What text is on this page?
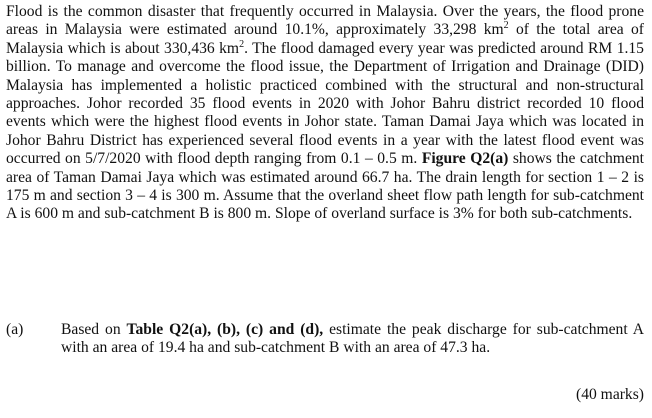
Flood is the common disaster that frequently occurred in Malaysia. Over the years, the flood prone areas in Malaysia were estimated around 10.1%, approximately 33,298 $km^2$ of the total area of Malaysia which is about 330,436 $km^2$. The flood damaged every year was predicted around RM 1.15 billion. To manage and overcome the flood issue, the Department of Irrigation and Drainage (DID) Malaysia has implemented a holistic practiced combined with the structural and non-structural approaches. Johor recorded 35 flood events in 2020 with Johor Bahru district recorded 10 flood events which were the highest flood events in Johor state. Taman Damai Jaya which was located in Johor Bahru District has experienced several flood events in a year with the latest flood event was occurred on 5/7/2020 with flood depth ranging from 0.1 – 0.5 m. Figure Q2(a) shows the catchment area of Taman Damai Jaya which was estimated around 66.7 ha. The drain length for section 1 – 2 is 175 m and section 3 – 4 is 300 m. Assume that the overland sheet flow path length for sub-catchment A is 600 m and sub-catchment B is 800 m. Slope of overland surface is 3% for both sub-catchments.

(a) Based on Table Q2(a), (b), (c) and (d), estimate the peak discharge for sub-catchment A with an area of 19.4 ha and sub-catchment B with an area of 47.3 ha.

(40 marks)
